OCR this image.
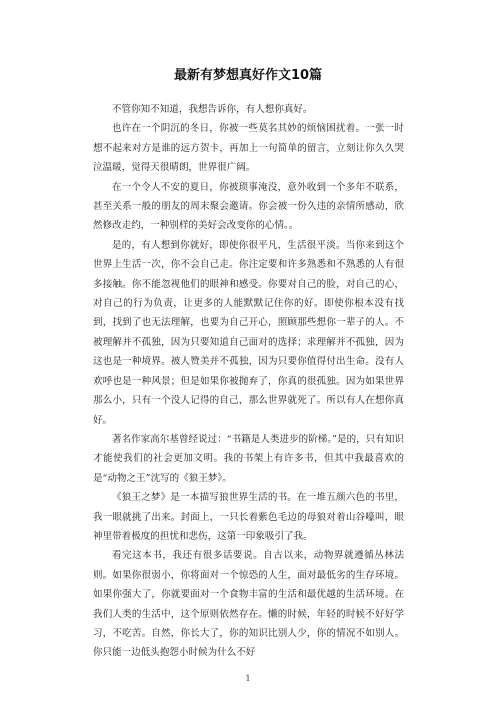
最新有梦想真好作文10篇

不管你知不知道，我想告诉你，有人想你真好。

也许在一个阴沉的冬日，你被一些莫名其妙的烦恼困扰着。一张一时想不起来对方是谁的远方贺卡，再加上一句简单的留言，立刻让你久久哭泣温暖，觉得天很晴朗，世界很广阔。

在一个令人不安的夏日，你被琐事淹没，意外收到一个多年不联系，甚至关系一般的朋友的周末聚会邀请。你会被一份久违的亲情所感动，欣然修改走约，一种别样的美好会改变你的心情。。

是的，有人想到你就好，即使你很平凡，生活很平淡。当你来到这个世界上生活一次，你不会自己走。你注定要和许多熟悉和不熟悉的人有很多接触。你不能忽视他们的眼神和感受。你要对自己的脸，对自己的心，对自己的行为负责，让更多的人能默默记住你的好。即使你根本没有找到，找到了也无法理解，也要为自己开心，照顾那些想你一辈子的人。不被理解并不孤独，因为只要知道自己面对的选择；求理解并不孤独，因为这也是一种境界。被人赞美并不孤独，因为只要你值得付出生命。没有人欢呼也是一种风景；但是如果你被抛弃了，你真的很孤独。因为如果世界那么小，只有一个没人记得的自己，那么世界就死了。所以有人在想你真好。

著名作家高尔基曾经说过：“书籍是人类进步的阶梯。”是的，只有知识才能使我们的社会更加文明。我的书架上有许多书，但其中我最喜欢的是“动物之王”沈写的《狼王梦》。

《狼王之梦》是一本描写狼世界生活的书。在一堆五颜六色的书里，我一眼就挑了出来。封面上，一只长着紫色毛边的母狼对着山谷嚎叫，眼神里带着极度的担忧和悲伤，这第一印象吸引了我。

看完这本书，我还有很多话要说。自古以来，动物界就遵循丛林法则。如果你很弱小，你将面对一个惊恐的人生，面对最低劣的生存环境。如果你强大了，你就要面对一个食物丰富的生活和最优越的生活环境。在我们人类的生活中，这个原则依然存在。懒的时候，年轻的时候不好好学习，不吃苦。自然，你长大了，你的知识比别人少，你的情况不如别人。你只能一边低头抱怨小时候为什么不好

1
